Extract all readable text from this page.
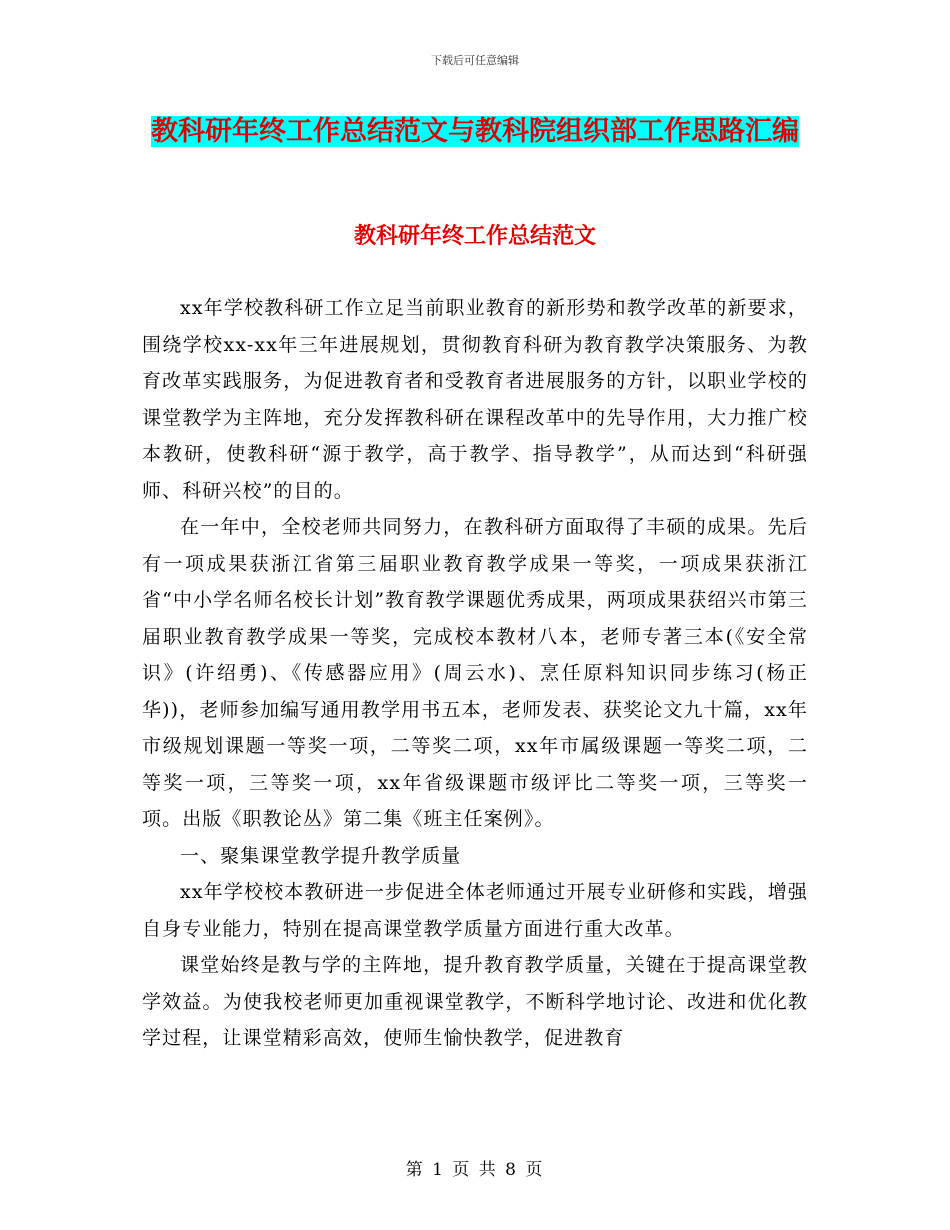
下载后可任意编辑
教科研年终工作总结范文与教科院组织部工作思路汇编
教科研年终工作总结范文

xx年学校教科研工作立足当前职业教育的新形势和教学改革的新要求，围绕学校xx-xx年三年进展规划，贯彻教育科研为教育教学决策服务、为教育改革实践服务，为促进教育者和受教育者进展服务的方针，以职业学校的课堂教学为主阵地，充分发挥教科研在课程改革中的先导作用，大力推广校本教研，使教科研“源于教学，高于教学、指导教学”，从而达到“科研强师、科研兴校”的目的。

在一年中，全校老师共同努力，在教科研方面取得了丰硕的成果。先后有一项成果获浙江省第三届职业教育教学成果一等奖，一项成果获浙江省“中小学名师名校长计划”教育教学课题优秀成果，两项成果获绍兴市第三届职业教育教学成果一等奖，完成校本教材八本，老师专著三本(《安全常识》(许绍勇)、《传感器应用》(周云水)、烹任原料知识同步练习(杨正华))，老师参加编写通用教学用书五本，老师发表、获奖论文九十篇，xx年市级规划课题一等奖一项，二等奖二项，xx年市属级课题一等奖二项，二等奖一项，三等奖一项，xx年省级课题市级评比二等奖一项，三等奖一项。出版《职教论丛》第二集《班主任案例》。

一、聚集课堂教学提升教学质量

xx年学校校本教研进一步促进全体老师通过开展专业研修和实践，增强自身专业能力，特别在提高课堂教学质量方面进行重大改革。

课堂始终是教与学的主阵地，提升教育教学质量，关键在于提高课堂教学效益。为使我校老师更加重视课堂教学，不断科学地讨论、改进和优化教学过程，让课堂精彩高效，使师生愉快教学，促进教育

第 1 页 共 8 页
